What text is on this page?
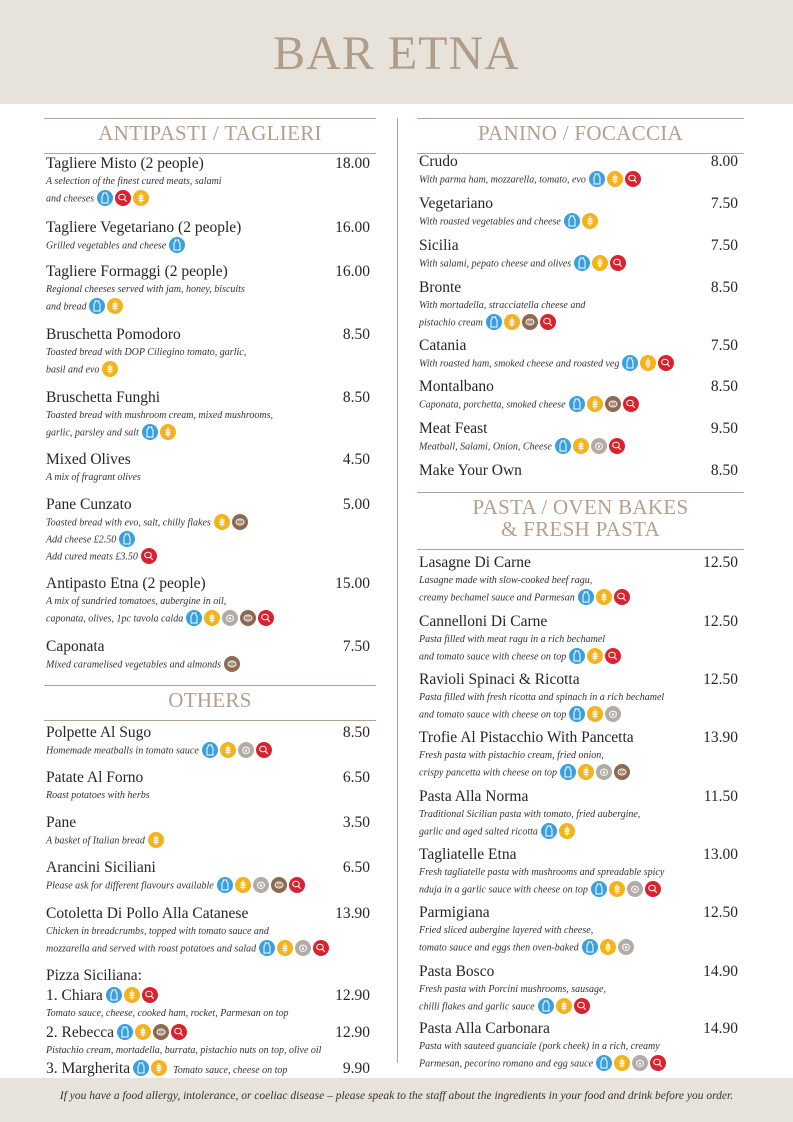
BAR ETNA
ANTIPASTI / TAGLIERI
Tagliere Misto (2 people)	18.00
A selection of the finest cured meats, salami
and cheeses
Tagliere Vegetariano (2 people)	16.00
Grilled vegetables and cheese
Tagliere Formaggi (2 people)	16.00
Regional cheeses served with jam, honey, biscuits
and bread
Bruschetta Pomodoro	8.50
Toasted bread with DOP Ciliegino tomato, garlic,
basil and evo
Bruschetta Funghi	8.50
Toasted bread with mushroom cream, mixed mushrooms,
garlic, parsley and salt
Mixed Olives	4.50
A mix of fragrant olives
Pane Cunzato	5.00
Toasted bread with evo, salt, chilly flakes
Add cheese £2.50
Add cured meats £3.50
Antipasto Etna (2 people)	15.00
A mix of sundried tomatoes, aubergine in oil,
caponata, olives, 1pc tavola calda
Caponata	7.50
Mixed caramelised vegetables and almonds
OTHERS
Polpette Al Sugo	8.50
Homemade meatballs in tomato sauce
Patate Al Forno	6.50
Roast potatoes with herbs
Pane	3.50
A basket of Italian bread
Arancini Siciliani	6.50
Please ask for different flavours available
Cotoletta Di Pollo Alla Catanese	13.90
Chicken in breadcrumbs, topped with tomato sauce and
mozzarella and served with roast potatoes and salad
Pizza Siciliana:
1. Chiara	12.90
Tomato sauce, cheese, cooked ham, rocket, Parmesan on top
2. Rebecca	12.90
Pistachio cream, mortadella, burrata, pistachio nuts on top, olive oil
3. Margherita	Tomato sauce, cheese on top	9.90
PANINO / FOCACCIA
Crudo	8.00
With parma ham, mozzarella, tomato, evo
Vegetariano	7.50
With roasted vegetables and cheese
Sicilia	7.50
With salami, pepato cheese and olives
Bronte	8.50
With mortadella, stracciatella cheese and
pistachio cream
Catania	7.50
With roasted ham, smoked cheese and roasted veg
Montalbano	8.50
Caponata, porchetta, smoked cheese
Meat Feast	9.50
Meatball, Salami, Onion, Cheese
Make Your Own	8.50
PASTA / OVEN BAKES
& FRESH PASTA
Lasagne Di Carne	12.50
Lasagne made with slow-cooked beef ragu,
creamy bechamel sauce and Parmesan
Cannelloni Di Carne	12.50
Pasta filled with meat ragu in a rich bechamel
and tomato sauce with cheese on top
Ravioli Spinaci & Ricotta	12.50
Pasta filled with fresh ricotta and spinach in a rich bechamel
and tomato sauce with cheese on top
Trofie Al Pistacchio With Pancetta	13.90
Fresh pasta with pistachio cream, fried onion,
crispy pancetta with cheese on top
Pasta Alla Norma	11.50
Traditional Sicilian pasta with tomato, fried aubergine,
garlic and aged salted ricotta
Tagliatelle Etna	13.00
Fresh tagliatelle pasta with mushrooms and spreadable spicy
nduja in a garlic sauce with cheese on top
Parmigiana	12.50
Fried sliced aubergine layered with cheese,
tomato sauce and eggs then oven-baked
Pasta Bosco	14.90
Fresh pasta with Porcini mushrooms, sausage,
chilli flakes and garlic sauce
Pasta Alla Carbonara	14.90
Pasta with sauteed guanciale (pork cheek) in a rich, creamy
Parmesan, pecorino romano and egg sauce
If you have a food allergy, intolerance, or coeliac disease – please speak to the staff about the ingredients in your food and drink before you order.
